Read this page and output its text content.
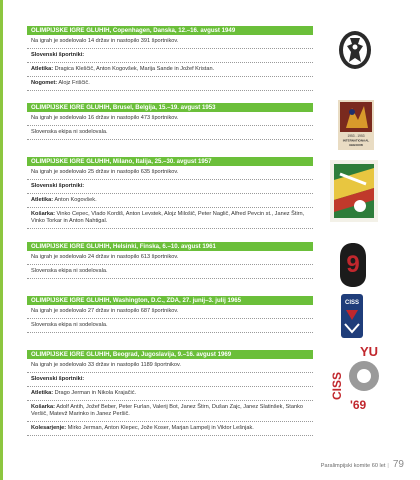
OLIMPIJSKE IGRE GLUHIH, Copenhagen, Danska, 12.–16. avgust 1949
Na igrah je sodelovalo 14 držav in nastopilo 391 športnikov.
Slovenski športniki:
Atletika: Dragica Kleščič, Anton Kogovšek, Marija Sande in Jožef Kristan.
Nogomet: Alojz Friščič.
OLIMPIJSKE IGRE GLUHIH, Brusel, Belgija, 15.–19. avgust 1953
Na igrah je sodelovalo 16 držav in nastopilo 473 športnikov.
Slovenska ekipa ni sodelovala.
OLIMPIJSKE IGRE GLUHIH, Milano, Italija, 25.–30. avgust 1957
Na igrah je sodelovalo 25 držav in nastopilo 635 športnikov.
Slovenski športniki:
Atletika: Anton Kogovšek.
Košarka: Vinko Cepec, Vlado Kordiš, Anton Levstek, Alojz Milošič, Peter Naglič, Alfred Pevcin st., Janez Štirn, Vinko Torkar in Anton Nahtigal.
OLIMPIJSKE IGRE GLUHIH, Helsinki, Finska, 6.–10. avgust 1961
Na igrah je sodelovalo 24 držav in nastopilo 613 športnikov.
Slovenska ekipa ni sodelovala.
OLIMPIJSKE IGRE GLUHIH, Washington, D.C., ZDA, 27. junij–3. julij 1965
Na igrah je sodelovalo 27 držav in nastopilo 687 športnikov.
Slovenska ekipa ni sodelovala.
OLIMPIJSKE IGRE GLUHIH, Beograd, Jugoslavija, 9.–16. avgust 1969
Na igrah je sodelovalo 33 držav in nastopilo 1189 športnikov.
Slovenski športniki:
Atletika: Drago Jerman in Nikola Krajačić.
Košarka: Adolf Antih, Jožef Beber, Peter Furlan, Valerij Bot, Janez Štirn, Dušan Zajc, Janez Slatinšek, Stanko Veršič, Matevž Marinko in Janez Peršič.
Kolesarjenje: Mirko Jerman, Anton Klepec, Jože Koser, Marjan Lampelj in Viktor Lešnjak.
1953 - 1953
INTERNATIONAAL
GEBOUW
9
CISS
YU
CISS
'69
Paralimpijski komite 60 let | 79
